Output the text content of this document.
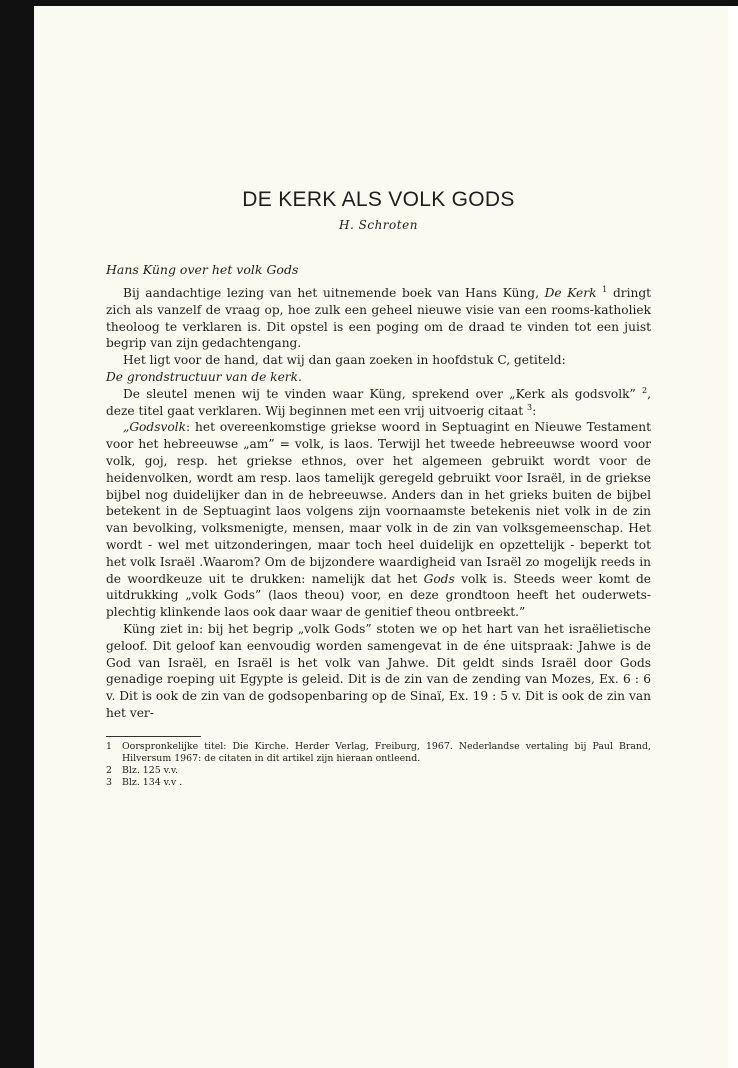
DE KERK ALS VOLK GODS
H. Schroten
Hans Küng over het volk Gods

Bij aandachtige lezing van het uitnemende boek van Hans Küng, De Kerk $^1$ dringt zich als vanzelf de vraag op, hoe zulk een geheel nieuwe visie van een rooms-katholiek theoloog te verklaren is. Dit opstel is een poging om de draad te vinden tot een juist begrip van zijn gedachtengang.

Het ligt voor de hand, dat wij dan gaan zoeken in hoofdstuk C, getiteld:
De grondstructuur van de kerk.

De sleutel menen wij te vinden waar Küng, sprekend over „Kerk als godsvolk” $^2$, deze titel gaat verklaren. Wij beginnen met een vrij uitvoerig citaat $^3$:

„Godsvolk: het overeenkomstige griekse woord in Septuagint en Nieuwe Testament voor het hebreeuwse „am” = volk, is laos. Terwijl het tweede hebreeuwse woord voor volk, goj, resp. het griekse ethnos, over het algemeen gebruikt wordt voor de heidenvolken, wordt am resp. laos tamelijk geregeld gebruikt voor Israël, in de griekse bijbel nog duidelijker dan in de hebreeuwse. Anders dan in het grieks buiten de bijbel betekent in de Septuagint laos volgens zijn voornaamste betekenis niet volk in de zin van bevolking, volksmenigte, mensen, maar volk in de zin van volksgemeenschap. Het wordt - wel met uitzonderingen, maar toch heel duidelijk en opzettelijk - beperkt tot het volk Israël .Waarom? Om de bijzondere waardigheid van Israël zo mogelijk reeds in de woordkeuze uit te drukken: namelijk dat het Gods volk is. Steeds weer komt de uitdrukking „volk Gods” (laos theou) voor, en deze grondtoon heeft het ouderwets-plechtig klinkende laos ook daar waar de genitief theou ontbreekt.”

Küng ziet in: bij het begrip „volk Gods” stoten we op het hart van het israëlietische geloof. Dit geloof kan eenvoudig worden samengevat in de éne uitspraak: Jahwe is de God van Israël, en Israël is het volk van Jahwe. Dit geldt sinds Israël door Gods genadige roeping uit Egypte is geleid. Dit is de zin van de zending van Mozes, Ex. 6 : 6 v. Dit is ook de zin van de godsopenbaring op de Sinaï, Ex. 19 : 5 v. Dit is ook de zin van het ver-

1	Oorspronkelijke titel: Die Kirche. Herder Verlag, Freiburg, 1967. Nederlandse vertaling bij Paul Brand, Hilversum 1967: de citaten in dit artikel zijn hieraan ontleend.
2	Blz. 125 v.v.
3	Blz. 134 v.v .
